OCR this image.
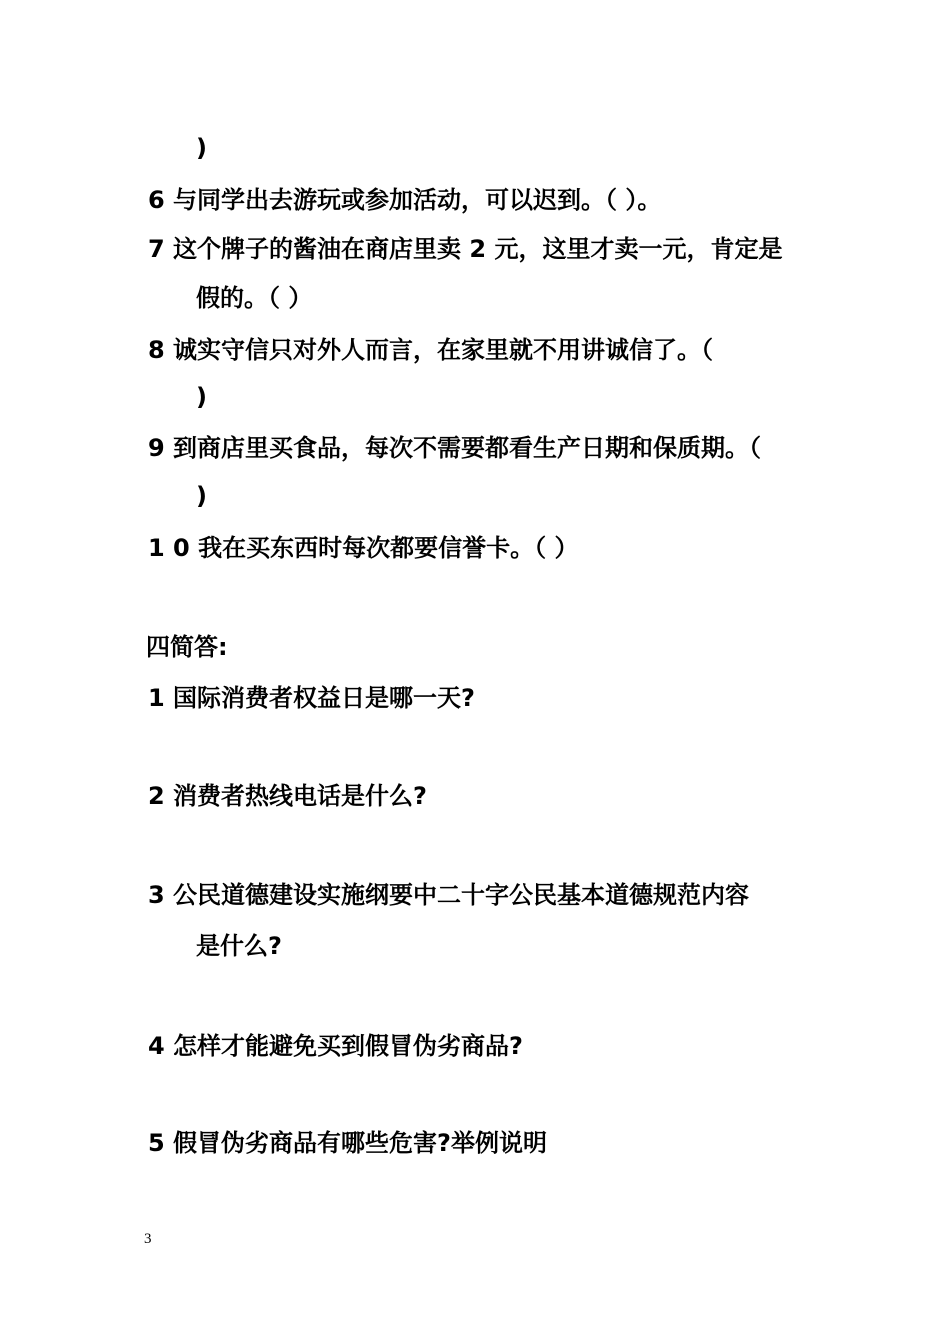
)
6 与同学出去游玩或参加活动，可以迟到。（ ）。
7 这个牌子的酱油在商店里卖 2 元，这里才卖一元，肯定是
假的。（ ）
8 诚实守信只对外人而言，在家里就不用讲诚信了。（
)
9 到商店里买食品，每次不需要都看生产日期和保质期。（
)
1 0 我在买东西时每次都要信誉卡。（ ）
四简答:
1 国际消费者权益日是哪一天?
2 消费者热线电话是什么?
3 公民道德建设实施纲要中二十字公民基本道德规范内容
是什么?
4 怎样才能避免买到假冒伪劣商品?
5 假冒伪劣商品有哪些危害?举例说明
3
